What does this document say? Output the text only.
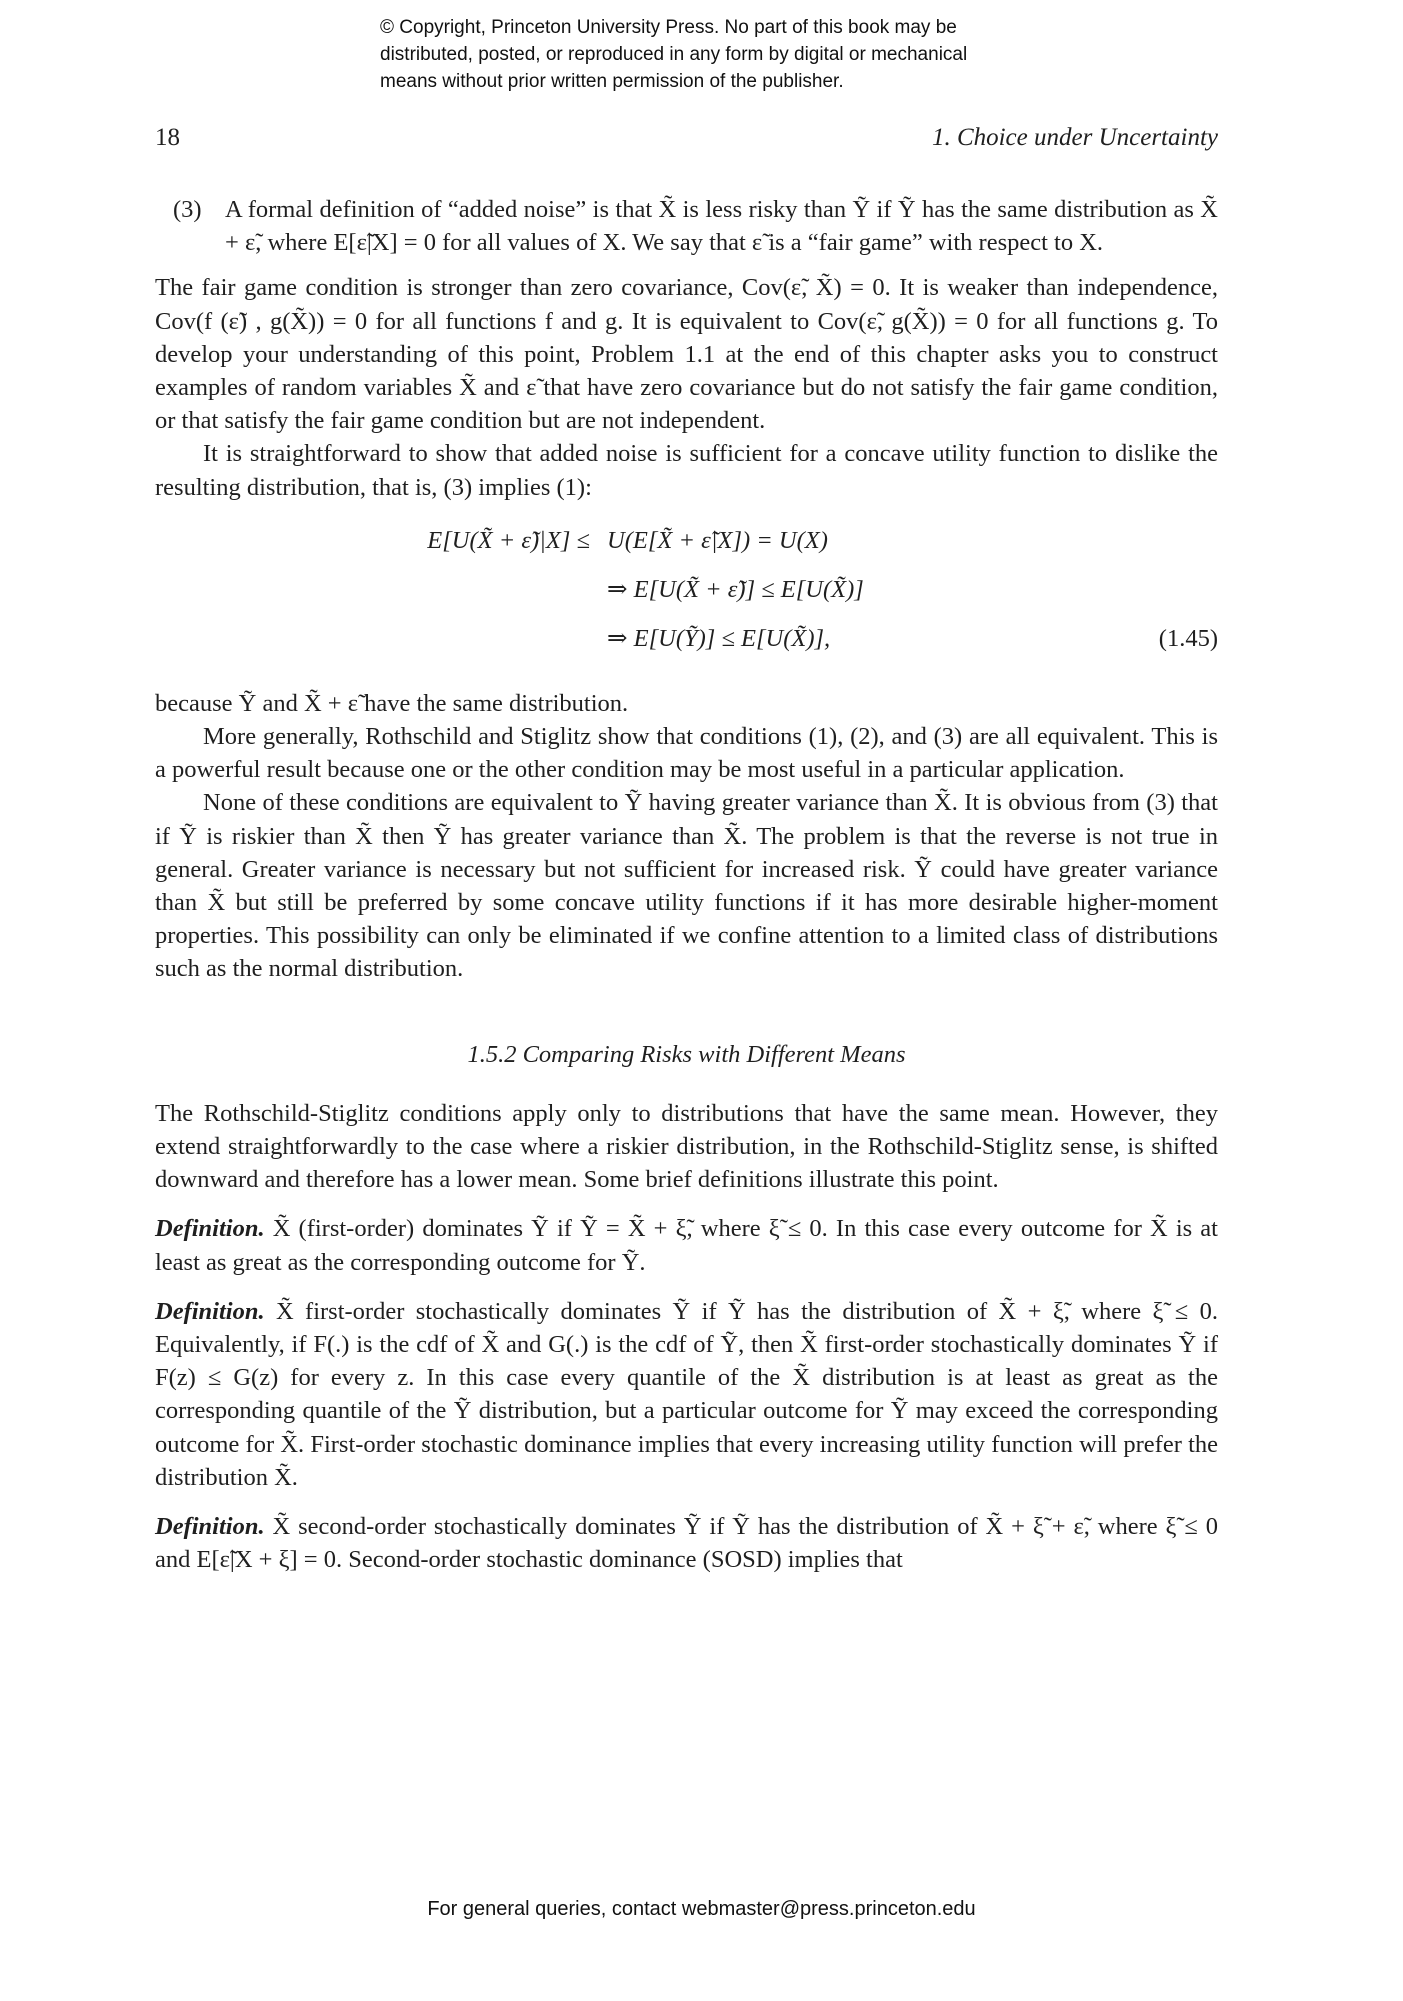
© Copyright, Princeton University Press. No part of this book may be
distributed, posted, or reproduced in any form by digital or mechanical
means without prior written permission of the publisher.
18	1. Choice under Uncertainty
(3) A formal definition of “added noise” is that X̃ is less risky than Ỹ if Ỹ has the same distribution as X̃ + ε̃, where E[ε̃|X] = 0 for all values of X. We say that ε̃ is a “fair game” with respect to X.

The fair game condition is stronger than zero covariance, Cov(ε̃, X̃) = 0. It is weaker than independence, Cov(f (ε̃) , g(X̃)) = 0 for all functions f and g. It is equivalent to Cov(ε̃, g(X̃)) = 0 for all functions g. To develop your understanding of this point, Problem 1.1 at the end of this chapter asks you to construct examples of random variables X̃ and ε̃ that have zero covariance but do not satisfy the fair game condition, or that satisfy the fair game condition but are not independent.

It is straightforward to show that added noise is sufficient for a concave utility function to dislike the resulting distribution, that is, (3) implies (1):

E[U(X̃ + ε̃)|X] ≤ U(E[X̃ + ε̃|X]) = U(X)
⇒ E[U(X̃ + ε̃)] ≤ E[U(X̃)]
⇒ E[U(Ỹ)] ≤ E[U(X̃)],	(1.45)

because Ỹ and X̃ + ε̃ have the same distribution.

More generally, Rothschild and Stiglitz show that conditions (1), (2), and (3) are all equivalent. This is a powerful result because one or the other condition may be most useful in a particular application.

None of these conditions are equivalent to Ỹ having greater variance than X̃. It is obvious from (3) that if Ỹ is riskier than X̃ then Ỹ has greater variance than X̃. The problem is that the reverse is not true in general. Greater variance is necessary but not sufficient for increased risk. Ỹ could have greater variance than X̃ but still be preferred by some concave utility functions if it has more desirable higher-moment properties. This possibility can only be eliminated if we confine attention to a limited class of distributions such as the normal distribution.

1.5.2 Comparing Risks with Different Means

The Rothschild-Stiglitz conditions apply only to distributions that have the same mean. However, they extend straightforwardly to the case where a riskier distribution, in the Rothschild-Stiglitz sense, is shifted downward and therefore has a lower mean. Some brief definitions illustrate this point.

Definition. X̃ (first-order) dominates Ỹ if Ỹ = X̃ + ξ̃, where ξ̃ ≤ 0. In this case every outcome for X̃ is at least as great as the corresponding outcome for Ỹ.

Definition. X̃ first-order stochastically dominates Ỹ if Ỹ has the distribution of X̃ + ξ̃, where ξ̃ ≤ 0. Equivalently, if F(.) is the cdf of X̃ and G(.) is the cdf of Ỹ, then X̃ first-order stochastically dominates Ỹ if F(z) ≤ G(z) for every z. In this case every quantile of the X̃ distribution is at least as great as the corresponding quantile of the Ỹ distribution, but a particular outcome for Ỹ may exceed the corresponding outcome for X̃. First-order stochastic dominance implies that every increasing utility function will prefer the distribution X̃.

Definition. X̃ second-order stochastically dominates Ỹ if Ỹ has the distribution of X̃ + ξ̃ + ε̃, where ξ̃ ≤ 0 and E[ε̃|X + ξ] = 0. Second-order stochastic dominance (SOSD) implies that

For general queries, contact webmaster@press.princeton.edu
